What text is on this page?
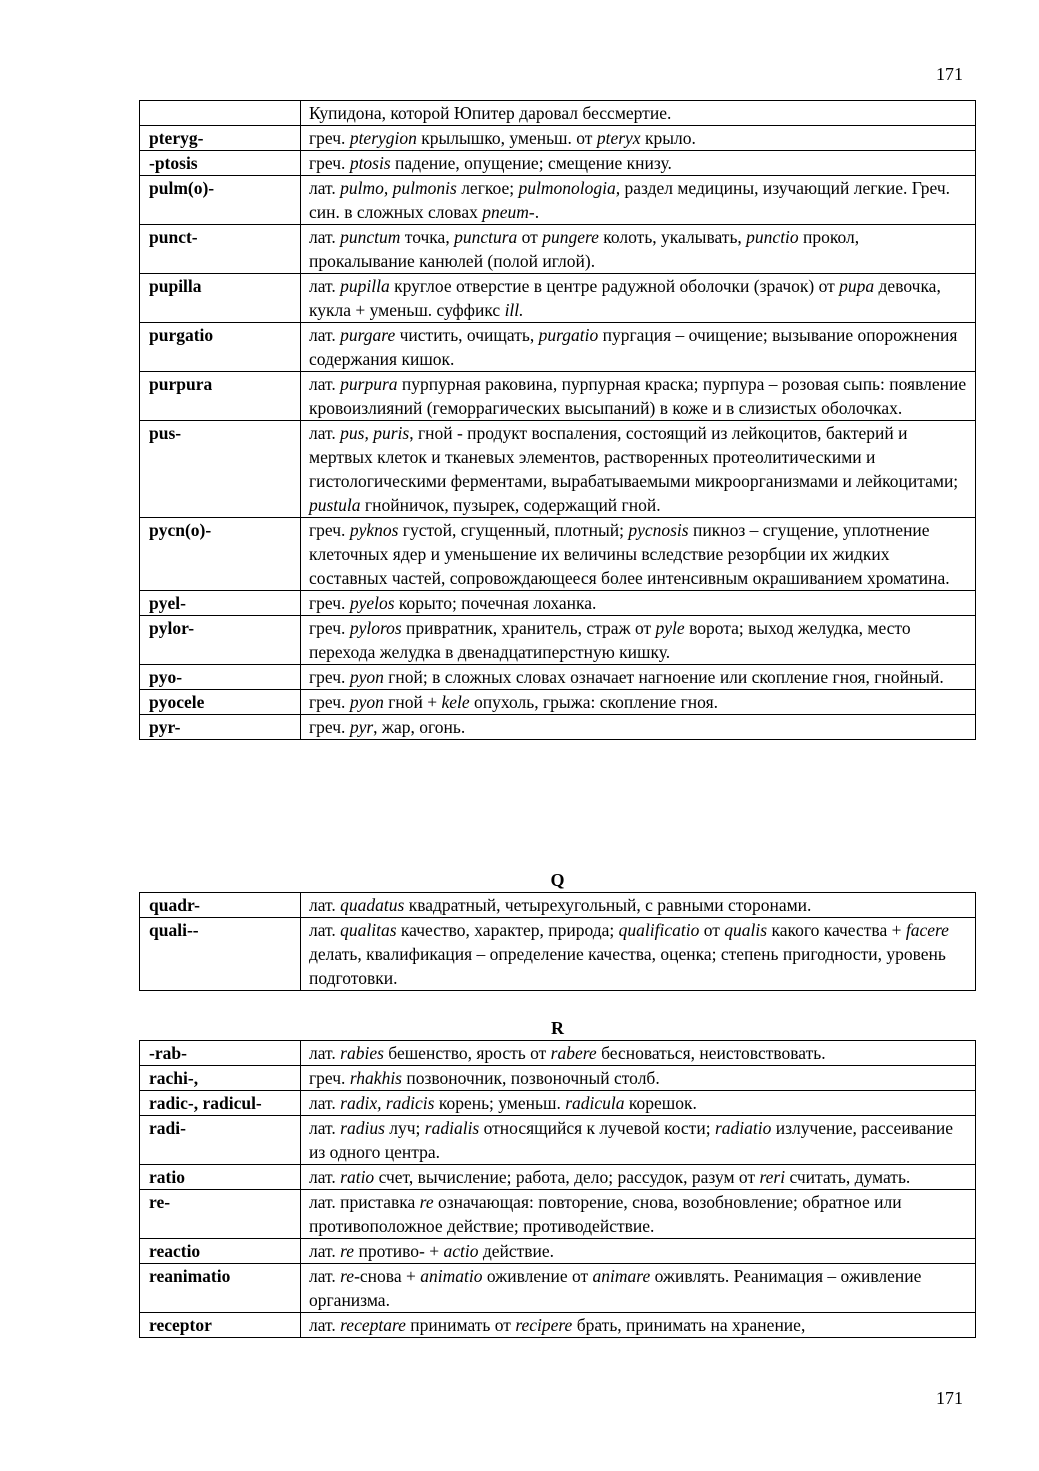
171
	Купидона, которой Юпитер даровал бессмертие.
pteryg-	греч. pterygion крылышко, уменьш. от pteryx крыло.
-ptosis	греч. ptosis падение, опущение; смещение книзу.
pulm(o)-	лат. pulmo, pulmonis легкое; pulmonologia, раздел медицины, изучающий легкие. Греч. син. в сложных словах pneum-.
punct-	лат. punctum точка, punctura от pungere колоть, укалывать, punctio прокол, прокалывание канюлей (полой иглой).
pupilla	лат. pupilla круглое отверстие в центре радужной оболочки (зрачок) от pupa девочка, кукла + уменьш. суффикс ill.
purgatio	лат. purgare чистить, очищать, purgatio пургация – очищение; вызывание опорожнения содержания кишок.
purpura	лат. purpura пурпурная раковина, пурпурная краска; пурпура – розовая сыпь: появление кровоизлияний (геморрагических высыпаний) в коже и в слизистых оболочках.
pus-	лат. pus, puris, гной - продукт воспаления, состоящий из лейкоцитов, бактерий и мертвых клеток и тканевых элементов, растворенных протеолитическими и гистологическими ферментами, вырабатываемыми микроорганизмами и лейкоцитами; pustula гнойничок, пузырек, содержащий гной.
pycn(o)-	греч. pyknos густой, сгущенный, плотный; pycnosis пикноз – сгущение, уплотнение клеточных ядер и уменьшение их величины вследствие резорбции их жидких составных частей, сопровождающееся более интенсивным окрашиванием хроматина.
pyel-	греч. pyelos корыто; почечная лоханка.
pylor-	греч. pyloros привратник, хранитель, страж от pyle ворота; выход желудка, место перехода желудка в двенадцатиперстную кишку.
pyo-	греч. pyon гной; в сложных словах означает нагноение или скопление гноя, гнойный.
pyocele	греч. pyon гной + kele опухоль, грыжа: скопление гноя.
pyr-	греч. pyr, жар, огонь.
Q
quadr-	лат. quadatus квадратный, четырехугольный, с равными сторонами.
quali--	лат. qualitas качество, характер, природа; qualificatio от qualis какого качества + facere делать, квалификация – определение качества, оценка; степень пригодности, уровень подготовки.
R
-rab-	лат. rabies бешенство, ярость от rabere бесноваться, неистовствовать.
rachi-,	греч. rhakhis позвоночник, позвоночный столб.
radic-, radicul-	лат. radix, radicis корень; уменьш. radicula корешок.
radi-	лат. radius луч; radialis относящийся к лучевой кости; radiatio излучение, рассеивание из одного центра.
ratio	лат. ratio счет, вычисление; работа, дело; рассудок, разум от reri считать, думать.
re-	лат. приставка re означающая: повторение, снова, возобновление; обратное или противоположное действие; противодействие.
reactio	лат. re противо- + actio действие.
reanimatio	лат. re-снова + animatio оживление от animare оживлять. Реанимация – оживление организма.
receptor	лат. receptare принимать от recipere брать, принимать на хранение,
171
